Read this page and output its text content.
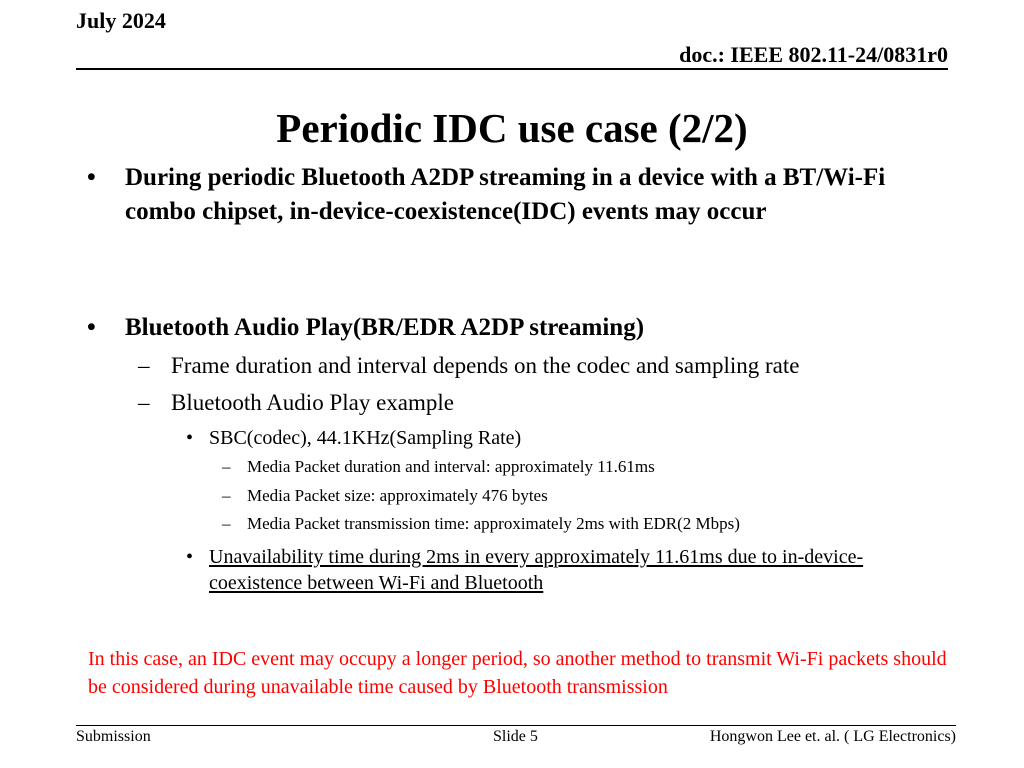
July 2024
doc.: IEEE 802.11-24/0831r0
Periodic IDC use case (2/2)
• During periodic Bluetooth A2DP streaming in a device with a BT/Wi-Fi combo chipset, in-device-coexistence(IDC) events may occur
• Bluetooth Audio Play(BR/EDR A2DP streaming)
– Frame duration and interval depends on the codec and sampling rate
– Bluetooth Audio Play example
• SBC(codec), 44.1KHz(Sampling Rate)
– Media Packet duration and interval: approximately 11.61ms
– Media Packet size: approximately 476 bytes
– Media Packet transmission time: approximately 2ms with EDR(2 Mbps)
• Unavailability time during 2ms in every approximately 11.61ms due to in-device-coexistence between Wi-Fi and Bluetooth
In this case, an IDC event may occupy a longer period, so another method to transmit Wi-Fi packets should be considered during unavailable time caused by Bluetooth transmission
Submission	Slide 5	Hongwon Lee et. al. ( LG Electronics)
